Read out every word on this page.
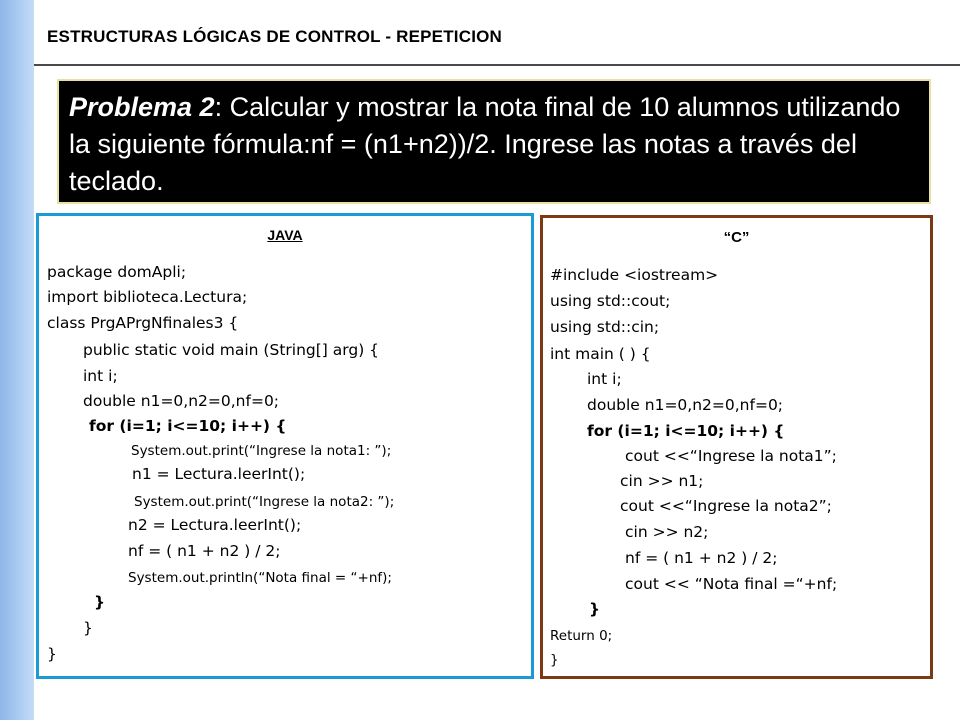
ESTRUCTURAS LÓGICAS DE CONTROL - REPETICION
Problema 2: Calcular y mostrar la nota final de 10 alumnos utilizando la siguiente fórmula:nf = (n1+n2))/2. Ingrese las notas a través del teclado.
JAVA
package domApli;
import biblioteca.Lectura;
class PrgAPrgNfinales3 {
public static void main (String[] arg) {
int i;
double n1=0,n2=0,nf=0;
for (i=1; i<=10; i++) {
System.out.print(“Ingrese la nota1: ”);
n1 = Lectura.leerInt();
System.out.print(“Ingrese la nota2: ”);
n2 = Lectura.leerInt();
nf = ( n1 + n2 ) / 2;
System.out.println(“Nota final = “+nf);
}
}
}
“C”
#include <iostream>
using std::cout;
using std::cin;
int main ( ) {
int i;
double n1=0,n2=0,nf=0;
for (i=1; i<=10; i++) {
cout <<“Ingrese la nota1”;
cin >> n1;
cout <<“Ingrese la nota2”;
cin >> n2;
nf = ( n1 + n2 ) / 2;
cout << “Nota final =“+nf;
}
Return 0;
}
